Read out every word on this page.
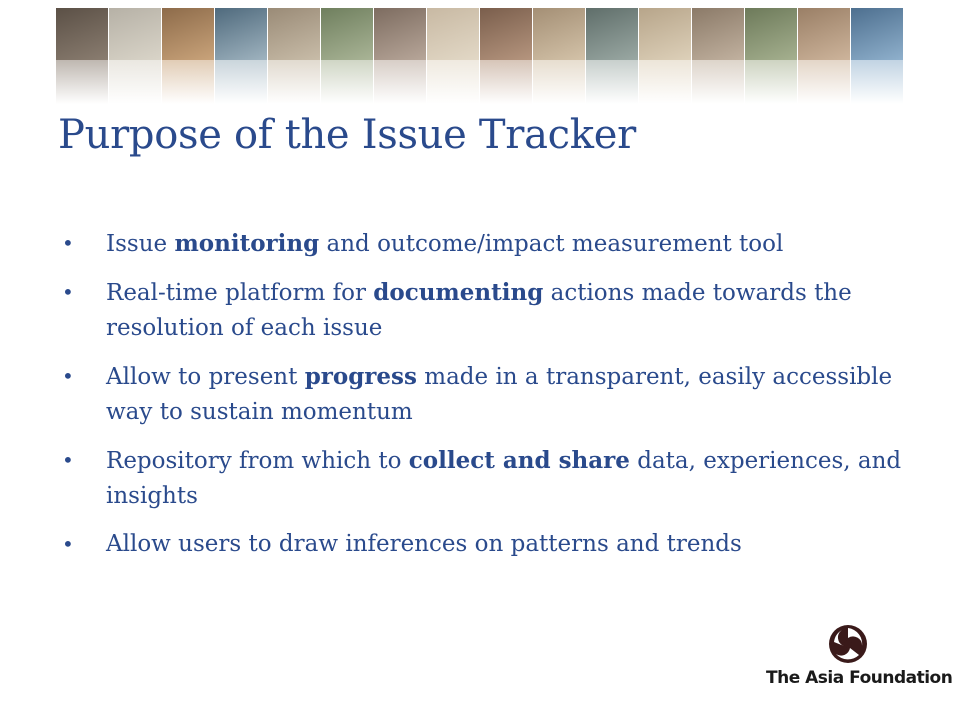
Purpose of the Issue Tracker
• Issue monitoring and outcome/impact measurement tool
• Real-time platform for documenting actions made towards the resolution of each issue
• Allow to present progress made in a transparent, easily accessible way to sustain momentum
• Repository from which to collect and share data, experiences, and insights
• Allow users to draw inferences on patterns and trends
The Asia Foundation
